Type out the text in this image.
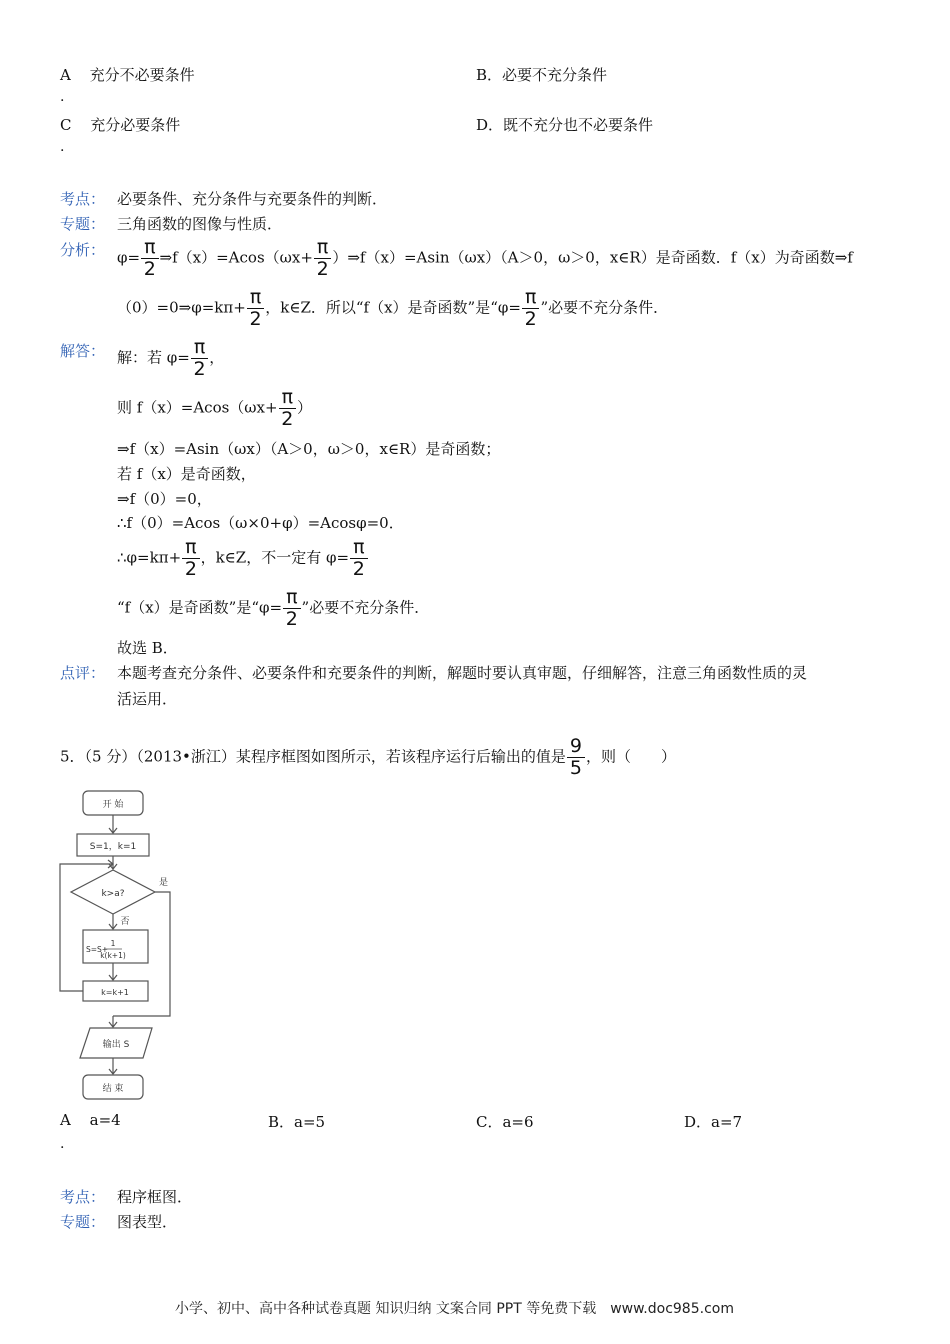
A 充分不必要条件
.
B．必要不充分条件
C 充分必要条件
.
D．既不充分也不必要条件
考点： 必要条件、充分条件与充要条件的判断．
专题： 三角函数的图像与性质．
分析： $\varphi= \frac{\pi}{2}$ ⇒f（x）=Acos（ωx+ $\frac{\pi}{2}$ ）⇒f（x）=Asin（ωx）（A＞0，ω＞0，x∈R）是奇函数．f（x）为奇函数⇒f
（0）=0⇒φ=kπ+ $\frac{\pi}{2}$ ，k∈Z．所以“f（x）是奇函数”是“$\varphi= \frac{\pi}{2}$ ”必要不充分条件．
解答： 解：若 $\varphi= \frac{\pi}{2}$ ，
则 $f(x)=Acos(\omega x+ \frac{\pi}{2}$ ）
⇒f（x）=Asin（ωx）（A＞0，ω＞0，x∈R）是奇函数；
若 f（x）是奇函数，
⇒f（0）=0，
∴f（0）=Acos（ω×0+φ）=Acosφ=0．
∴φ=kπ+ $\frac{\pi}{2}$ ，k∈Z，不一定有 $\varphi= \frac{\pi}{2}$
“f（x）是奇函数”是“$\varphi= \frac{\pi}{2}$ ”必要不充分条件．
故选 B．
点评： 本题考查充分条件、必要条件和充要条件的判断，解题时要认真审题，仔细解答，注意三角函数性质的灵
活运用．
5．（5 分）（2013•浙江）某程序框图如图所示，若该程序运行后输出的值是 $\frac{9}{5}$ ，则（　　）
开 始
S=1，k=1
k>a?
是
否
S=S+
1
k(k+1)
k=k+1
输出 S
结 束
A a=4
.
B．a=5	C．a=6	D．a=7
考点： 程序框图．
专题： 图表型．
小学、初中、高中各种试卷真题 知识归纳 文案合同 PPT 等免费下载　www.doc985.com
